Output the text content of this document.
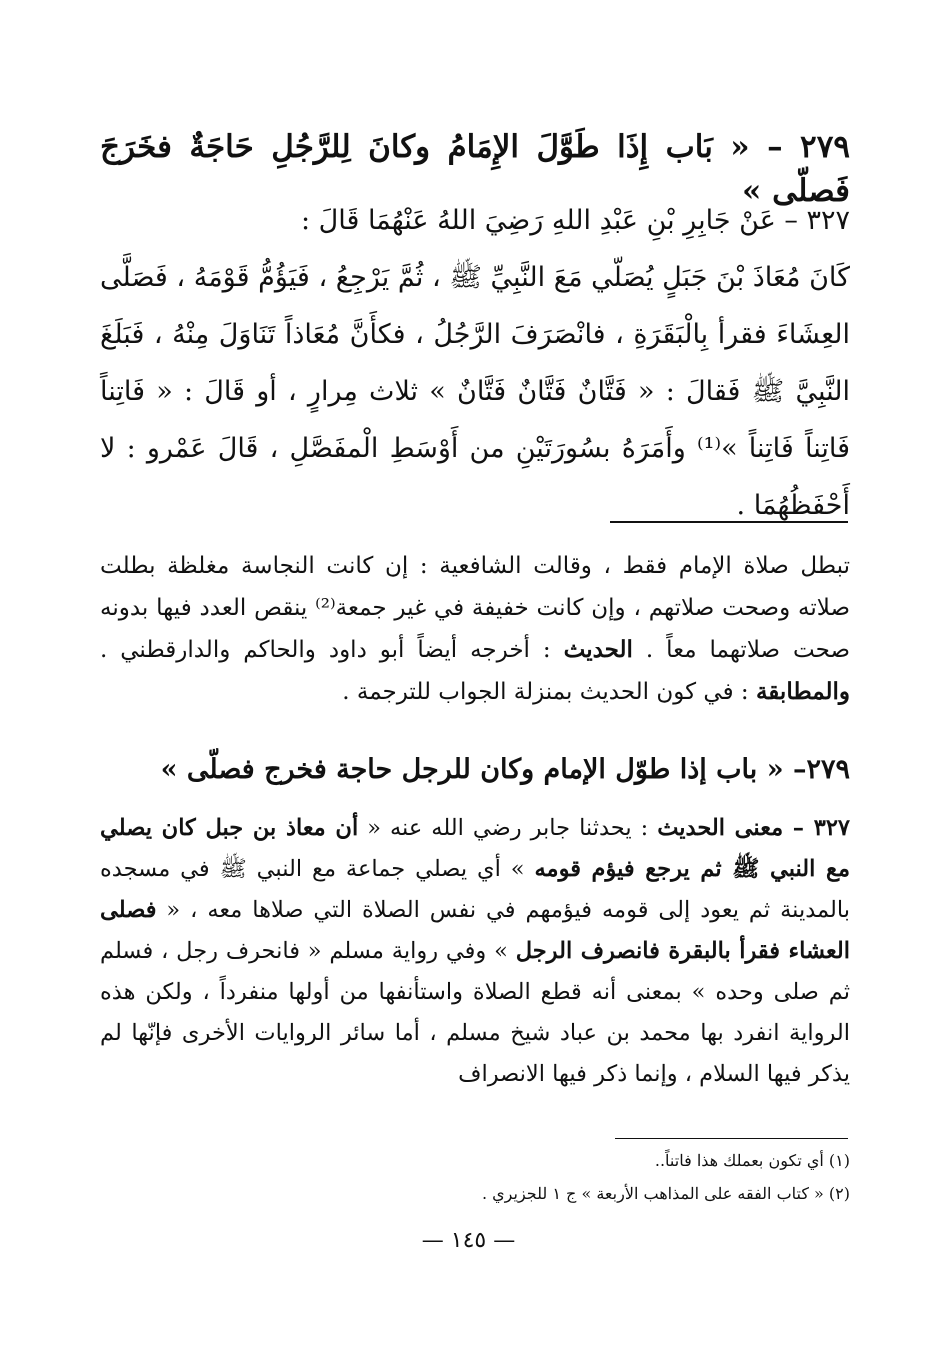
٢٧٩ – « بَاب إِذَا طَوَّلَ الإِمَامُ وكانَ لِلرَّجُلِ حَاجَةٌ فخَرَجَ فَصلّى »

٣٢٧ – عَنْ جَابِرِ بْنِ عَبْدِ اللهِ رَضِيَ اللهُ عَنْهُمَا قَالَ :

كَانَ مُعَاذَ بْنَ جَبَلٍ يُصَلّي مَعَ النَّبِيِّ ﷺ ، ثُمَّ يَرْجِعُ ، فَيَؤُمُّ قَوْمَهُ ، فَصَلَّى العِشَاءَ فقرأ بِالْبَقَرَةِ ، فانْصَرَفَ الرَّجُلُ ، فكأَنَّ مُعَاذاً تَنَاوَلَ مِنْهُ ، فَبَلَغَ النَّبِيَّ ﷺ فَقالَ : « فَتَّانٌ فَتَّانٌ فَتَّانٌ » ثلاث مِرارٍ ، أو قَالَ : « فَاتِناً فَاتِناً فَاتِناً »⁽¹⁾ وأَمَرَهُ بسُورَتَيْنِ من أَوْسَطِ الْمفَصَّلِ ، قَالَ عَمْرو : لا أَحْفَظُهُمَا .

تبطل صلاة الإمام فقط ، وقالت الشافعية : إن كانت النجاسة مغلظة بطلت صلاته وصحت صلاتهم ، وإن كانت خفيفة في غير جمعة⁽²⁾ ينقص العدد فيها بدونه صحت صلاتهما معاً . الحديث : أخرجه أيضاً أبو داود والحاكم والدارقطني . والمطابقة : في كون الحديث بمنزلة الجواب للترجمة .

٢٧٩– « باب إذا طوّل الإمام وكان للرجل حاجة فخرج فصلّى »

٣٢٧ – معنى الحديث : يحدثنا جابر رضي الله عنه « أن معاذ بن جبل كان يصلي مع النبي ﷺ ثم يرجع فيؤم قومه » أي يصلي جماعة مع النبي ﷺ في مسجده بالمدينة ثم يعود إلى قومه فيؤمهم في نفس الصلاة التي صلاها معه ، « فصلى العشاء فقرأ بالبقرة فانصرف الرجل » وفي رواية مسلم « فانحرف رجل ، فسلم ثم صلى وحده » بمعنى أنه قطع الصلاة واستأنفها من أولها منفرداً ، ولكن هذه الرواية انفرد بها محمد بن عباد شيخ مسلم ، أما سائر الروايات الأخرى فإنّها لم يذكر فيها السلام ، وإنما ذكر فيها الانصراف

(١) أي تكون بعملك هذا فاتناً..

(٢) « كتاب الفقه على المذاهب الأربعة » ج ١ للجزيري .

— ١٤٥ —
